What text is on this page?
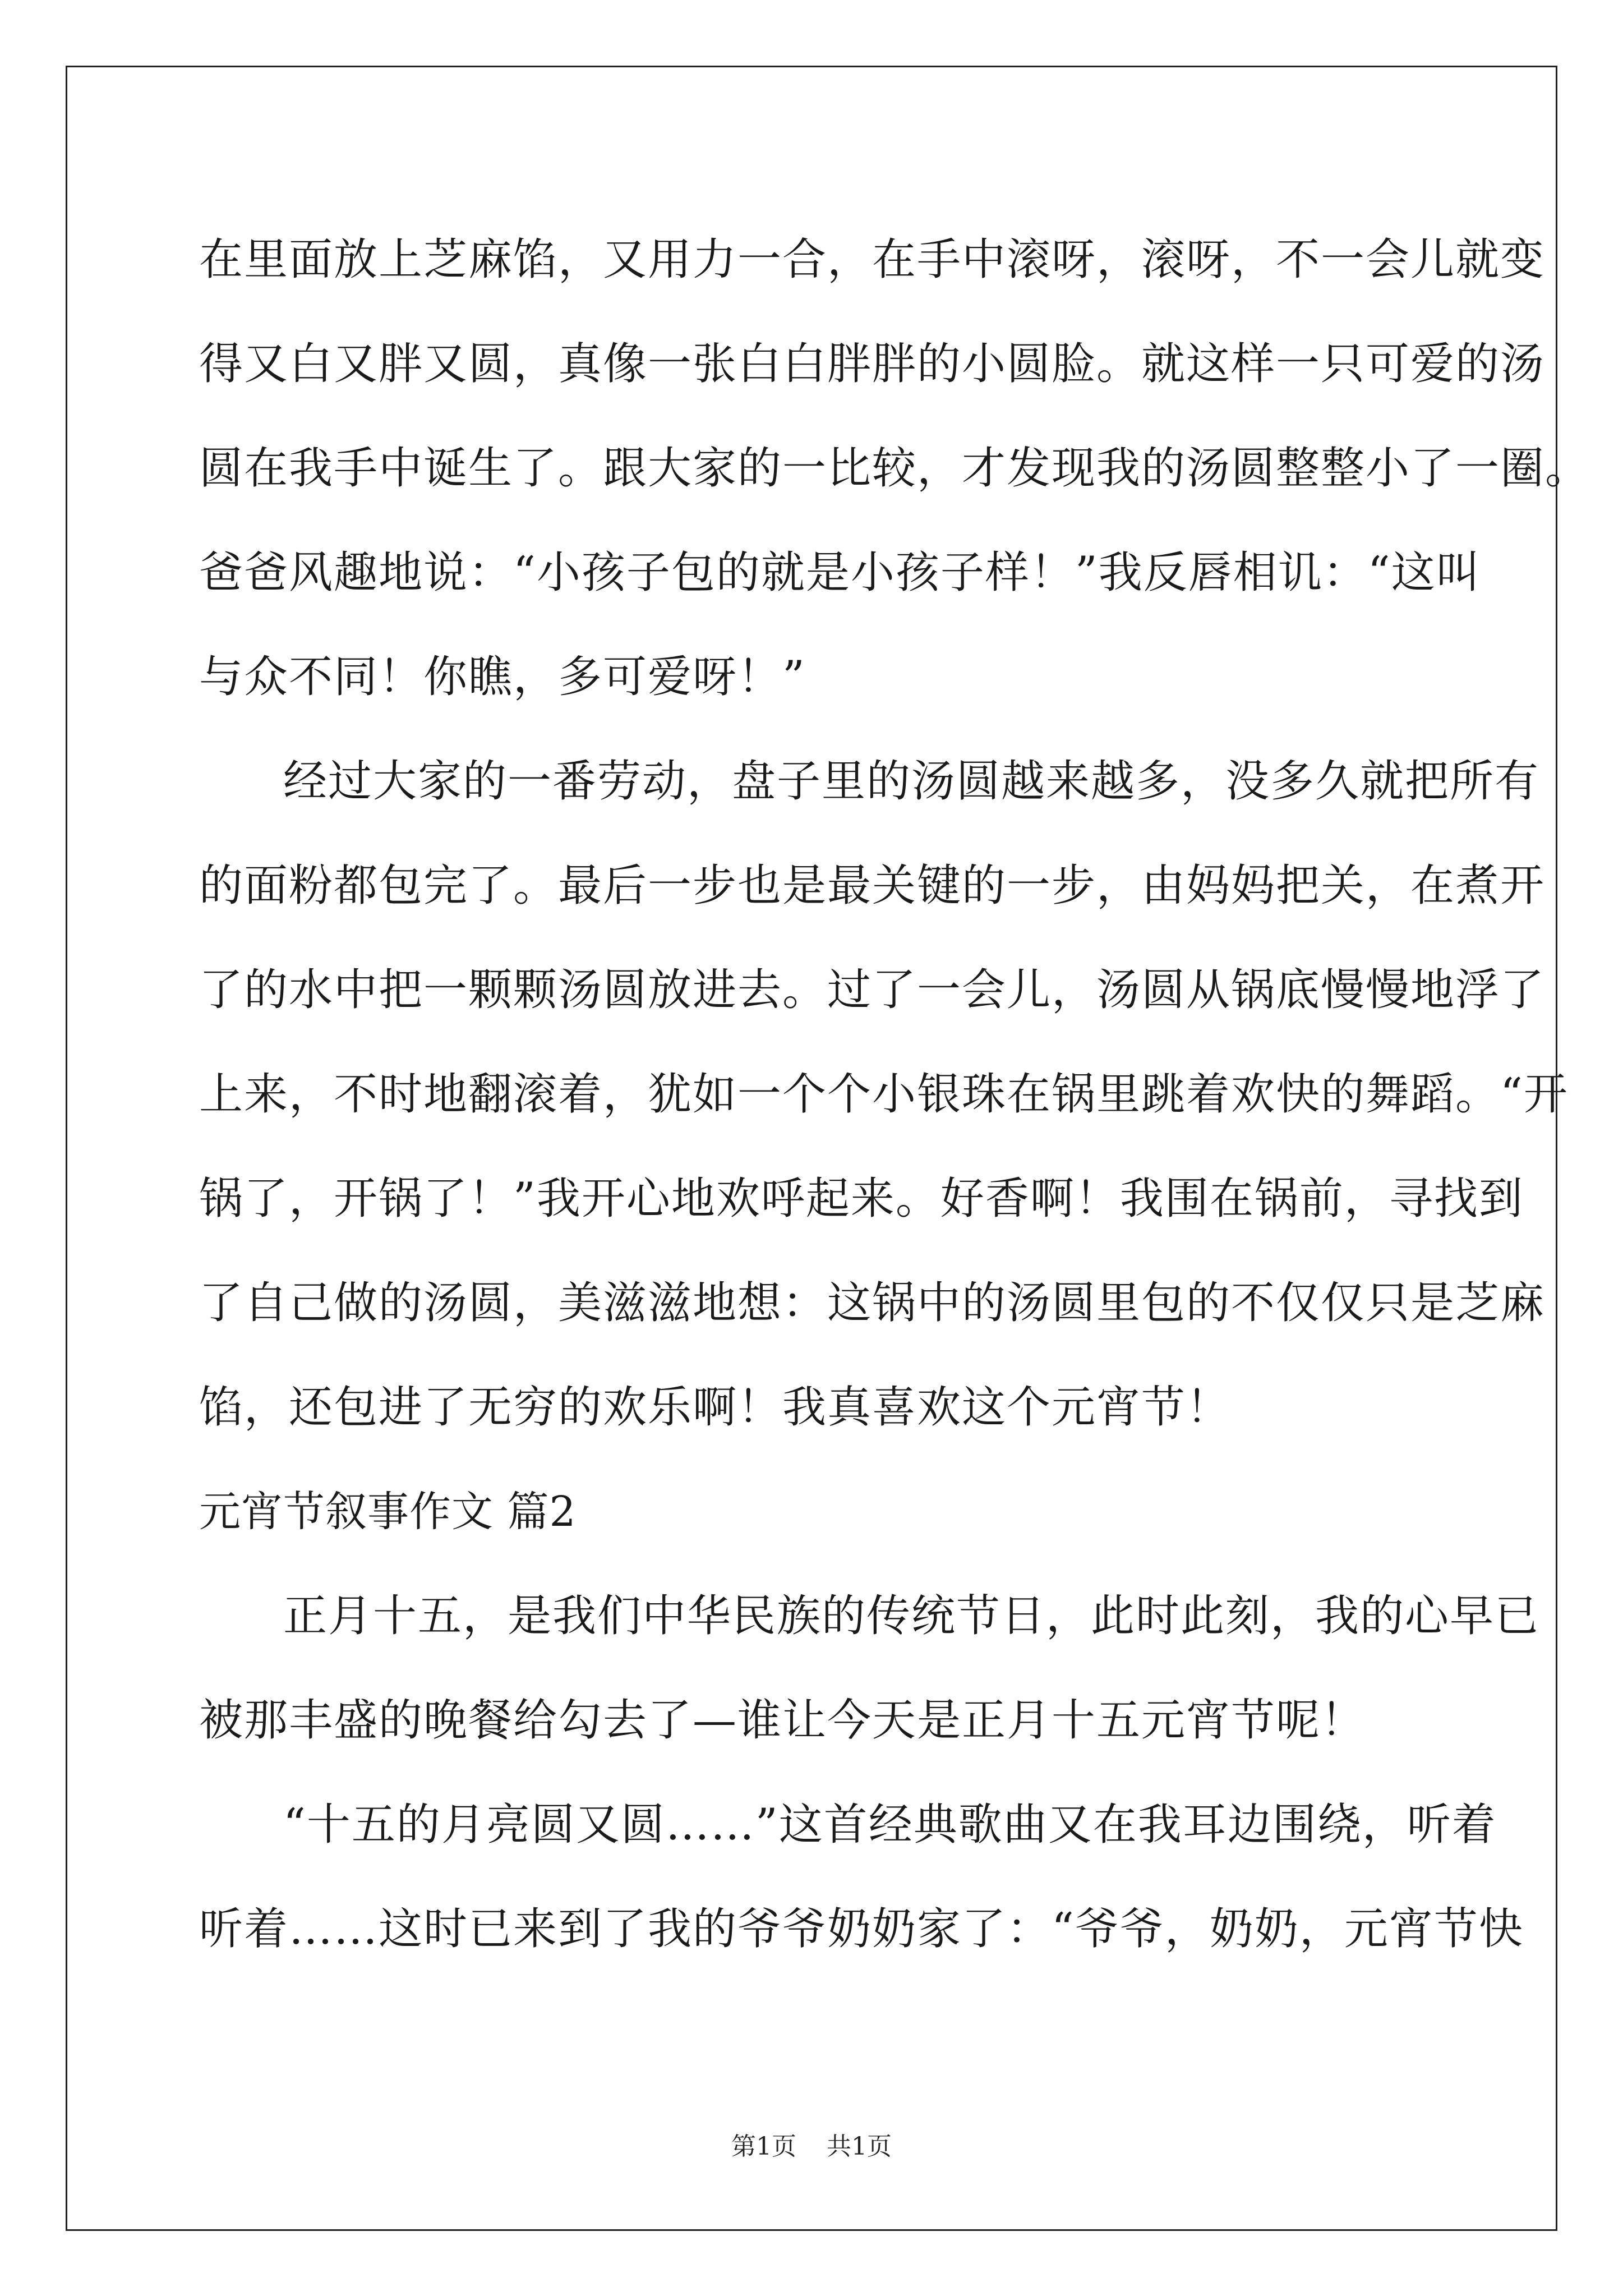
在里面放上芝麻馅，又用力一合，在手中滚呀，滚呀，不一会儿就变
得又白又胖又圆，真像一张白白胖胖的小圆脸。就这样一只可爱的汤
圆在我手中诞生了。跟大家的一比较，才发现我的汤圆整整小了一圈。
爸爸风趣地说：“小孩子包的就是小孩子样！”我反唇相讥：“这叫
与众不同！你瞧，多可爱呀！”
经过大家的一番劳动，盘子里的汤圆越来越多，没多久就把所有
的面粉都包完了。最后一步也是最关键的一步，由妈妈把关，在煮开
了的水中把一颗颗汤圆放进去。过了一会儿，汤圆从锅底慢慢地浮了
上来，不时地翻滚着，犹如一个个小银珠在锅里跳着欢快的舞蹈。“开
锅了，开锅了！”我开心地欢呼起来。好香啊！我围在锅前，寻找到
了自己做的汤圆，美滋滋地想：这锅中的汤圆里包的不仅仅只是芝麻
馅，还包进了无穷的欢乐啊！我真喜欢这个元宵节！
元宵节叙事作文 篇2
正月十五，是我们中华民族的传统节日，此时此刻，我的心早已
被那丰盛的晚餐给勾去了—谁让今天是正月十五元宵节呢！
“十五的月亮圆又圆……”这首经典歌曲又在我耳边围绕，听着
听着……这时已来到了我的爷爷奶奶家了：“爷爷，奶奶，元宵节快
第1页 共1页
